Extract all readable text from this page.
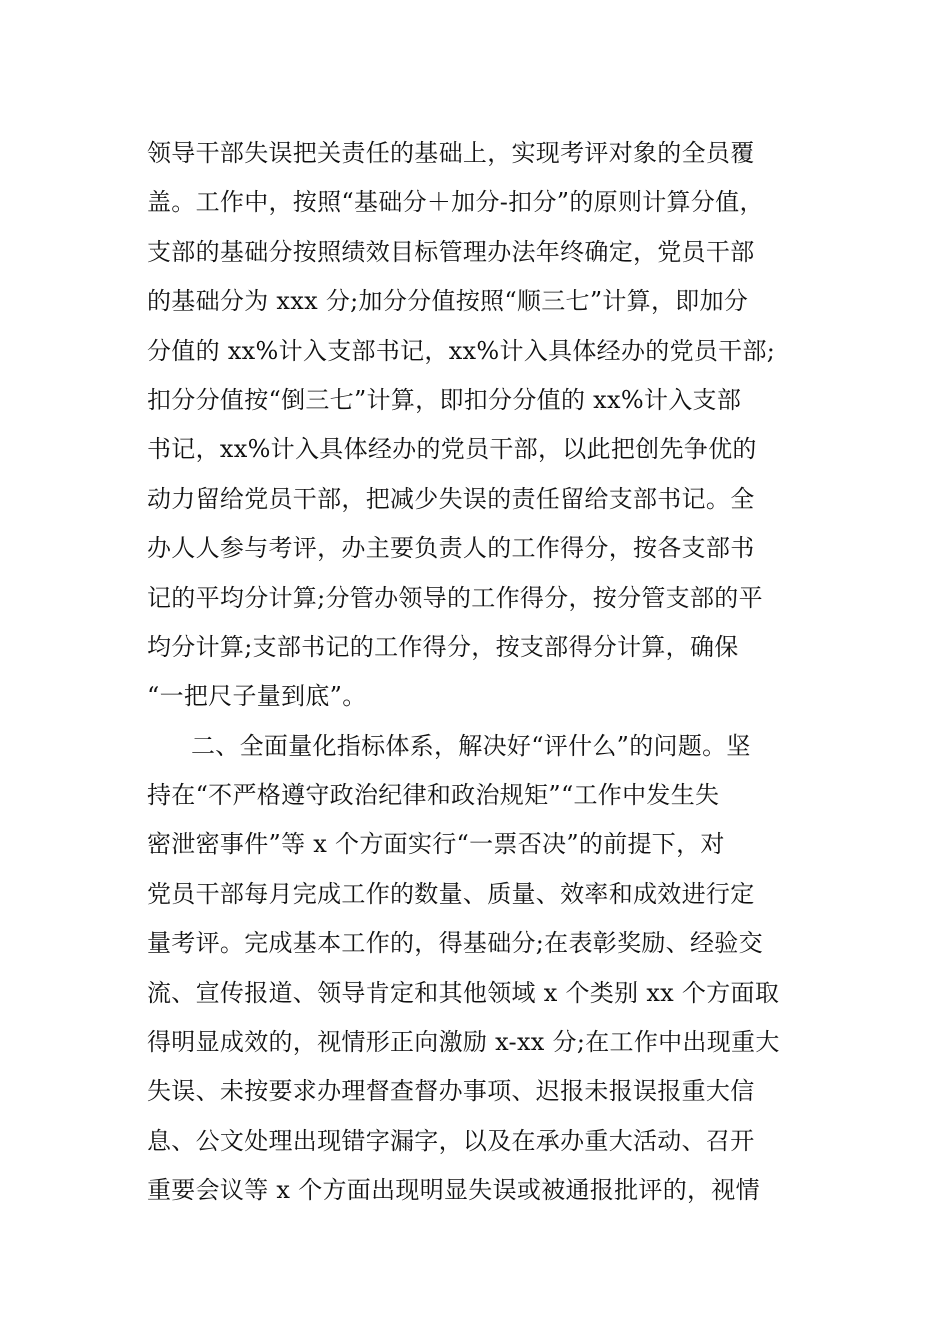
领导干部失误把关责任的基础上，实现考评对象的全员覆
盖。工作中，按照“基础分＋加分-扣分”的原则计算分值，
支部的基础分按照绩效目标管理办法年终确定，党员干部
的基础分为 xxx 分;加分分值按照“顺三七”计算，即加分
分值的 xx%计入支部书记，xx%计入具体经办的党员干部;
扣分分值按“倒三七”计算，即扣分分值的 xx%计入支部
书记，xx%计入具体经办的党员干部，以此把创先争优的
动力留给党员干部，把减少失误的责任留给支部书记。全
办人人参与考评，办主要负责人的工作得分，按各支部书
记的平均分计算;分管办领导的工作得分，按分管支部的平
均分计算;支部书记的工作得分，按支部得分计算，确保
“一把尺子量到底”。
二、全面量化指标体系，解决好“评什么”的问题。坚
持在“不严格遵守政治纪律和政治规矩”“工作中发生失
密泄密事件”等 x 个方面实行“一票否决”的前提下，对
党员干部每月完成工作的数量、质量、效率和成效进行定
量考评。完成基本工作的，得基础分;在表彰奖励、经验交
流、宣传报道、领导肯定和其他领域 x 个类别 xx 个方面取
得明显成效的，视情形正向激励 x-xx 分;在工作中出现重大
失误、未按要求办理督查督办事项、迟报未报误报重大信
息、公文处理出现错字漏字，以及在承办重大活动、召开
重要会议等 x 个方面出现明显失误或被通报批评的，视情
